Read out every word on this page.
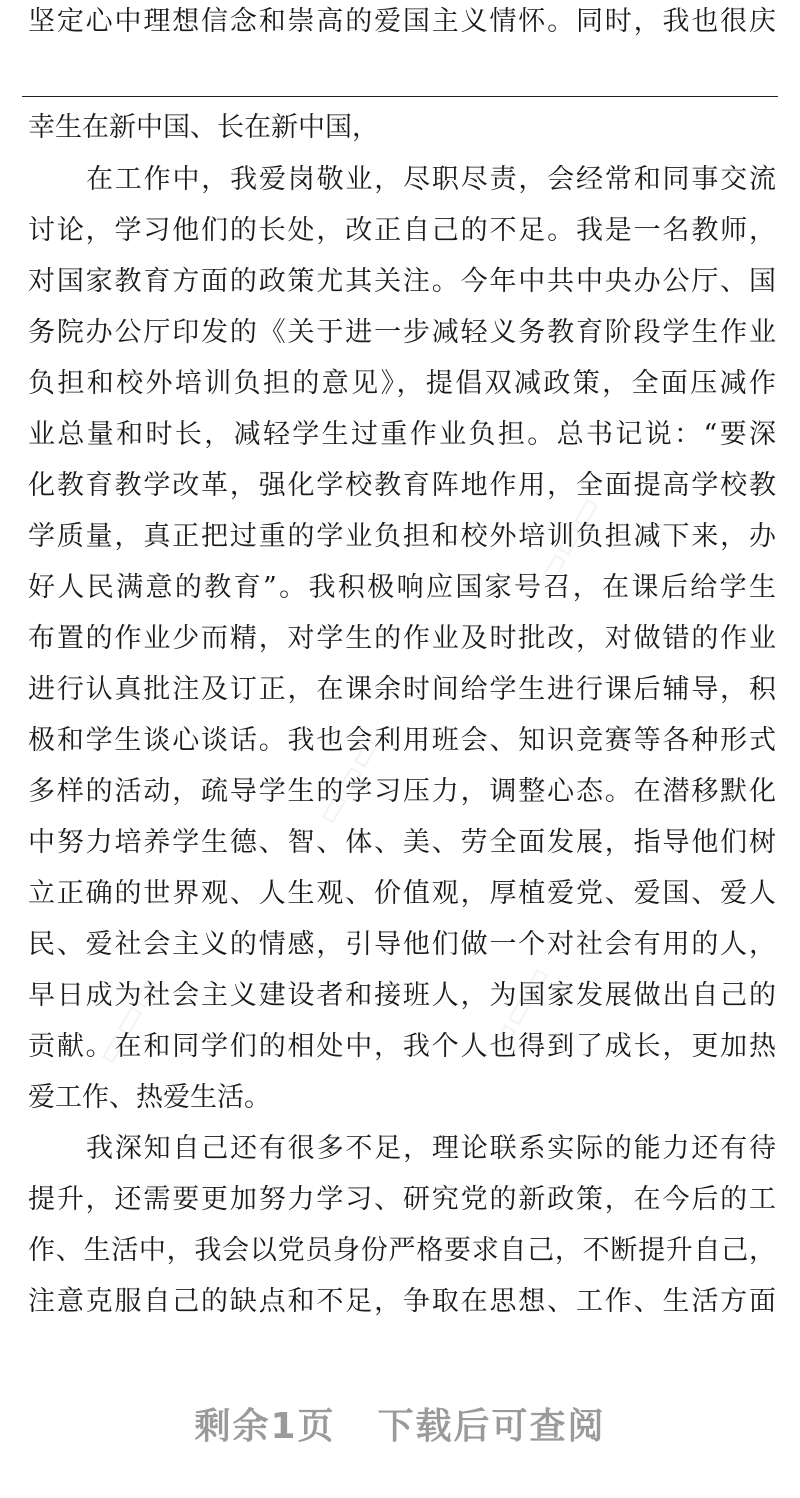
坚定心中理想信念和崇高的爱国主义情怀。同时，我也很庆
幸生在新中国、长在新中国，
在工作中，我爱岗敬业，尽职尽责，会经常和同事交流
讨论，学习他们的长处，改正自己的不足。我是一名教师，
对国家教育方面的政策尤其关注。今年中共中央办公厅、国
务院办公厅印发的《关于进一步减轻义务教育阶段学生作业
负担和校外培训负担的意见》，提倡双减政策，全面压减作
业总量和时长，减轻学生过重作业负担。总书记说：“要深
化教育教学改革，强化学校教育阵地作用，全面提高学校教
学质量，真正把过重的学业负担和校外培训负担减下来，办
好人民满意的教育”。我积极响应国家号召，在课后给学生
布置的作业少而精，对学生的作业及时批改，对做错的作业
进行认真批注及订正，在课余时间给学生进行课后辅导，积
极和学生谈心谈话。我也会利用班会、知识竞赛等各种形式
多样的活动，疏导学生的学习压力，调整心态。在潜移默化
中努力培养学生德、智、体、美、劳全面发展，指导他们树
立正确的世界观、人生观、价值观，厚植爱党、爱国、爱人
民、爱社会主义的情感，引导他们做一个对社会有用的人，
早日成为社会主义建设者和接班人，为国家发展做出自己的
贡献。在和同学们的相处中，我个人也得到了成长，更加热
爱工作、热爱生活。
我深知自己还有很多不足，理论联系实际的能力还有待
提升，还需要更加努力学习、研究党的新政策，在今后的工
作、生活中，我会以党员身份严格要求自己，不断提升自己，
注意克服自己的缺点和不足，争取在思想、工作、生活方面
▭▭▭
▭▭▭
▭▭▭	▭▭▭
剩余1页 下载后可查阅
